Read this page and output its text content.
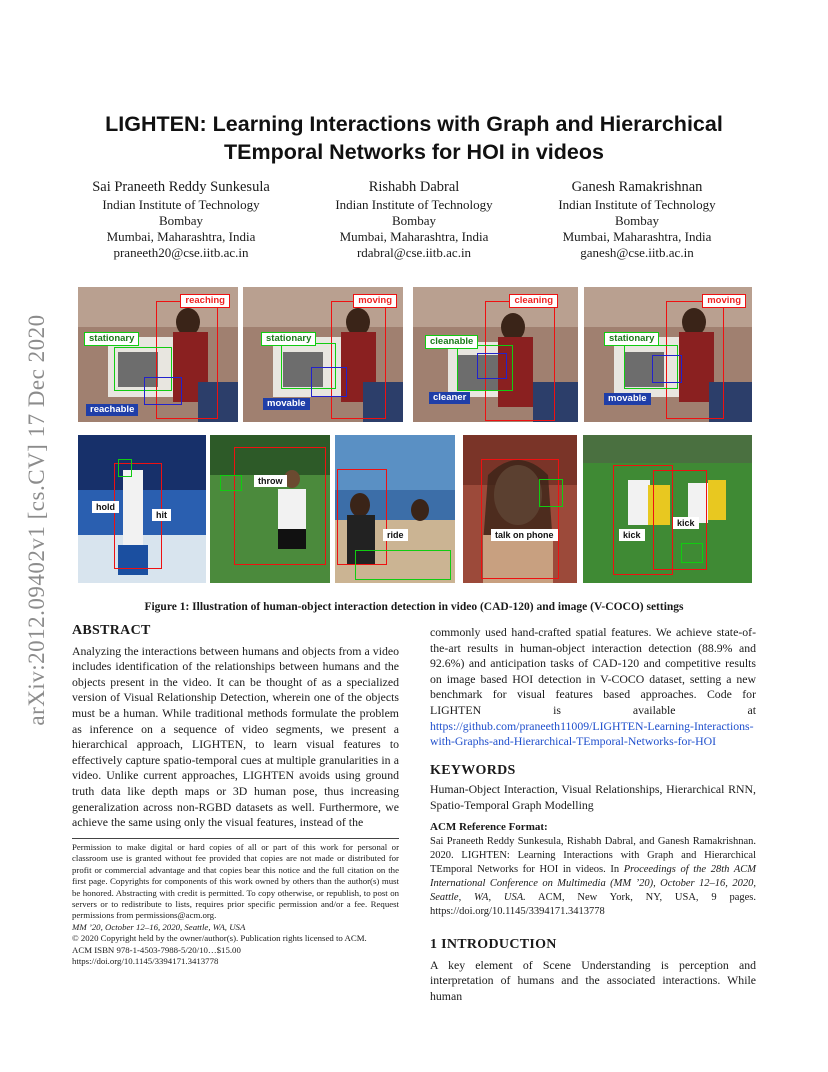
arXiv:2012.09402v1 [cs.CV] 17 Dec 2020
LIGHTEN: Learning Interactions with Graph and Hierarchical
TEmporal Networks for HOI in videos
Sai Praneeth Reddy Sunkesula
Indian Institute of Technology
Bombay
Mumbai, Maharashtra, India
praneeth20@cse.iitb.ac.in
Rishabh Dabral
Indian Institute of Technology
Bombay
Mumbai, Maharashtra, India
rdabral@cse.iitb.ac.in
Ganesh Ramakrishnan
Indian Institute of Technology
Bombay
Mumbai, Maharashtra, India
ganesh@cse.iitb.ac.in
reaching
stationary
reachable
moving
stationary
movable
cleaning
cleanable
cleaner
moving
stationary
movable
hold
hit
throw
ride	talk on phone
kick
kick
Figure 1: Illustration of human-object interaction detection in video (CAD-120) and image (V-COCO) settings
ABSTRACT
Analyzing the interactions between humans and objects from a video includes identification of the relationships between humans and the objects present in the video. It can be thought of as a specialized version of Visual Relationship Detection, wherein one of the objects must be a human. While traditional methods formulate the problem as inference on a sequence of video segments, we present a hierarchical approach, LIGHTEN, to learn visual features to effectively capture spatio-temporal cues at multiple granularities in a video. Unlike current approaches, LIGHTEN avoids using ground truth data like depth maps or 3D human pose, thus increasing generalization across non-RGBD datasets as well. Furthermore, we achieve the same using only the visual features, instead of the

Permission to make digital or hard copies of all or part of this work for personal or classroom use is granted without fee provided that copies are not made or distributed for profit or commercial advantage and that copies bear this notice and the full citation on the first page. Copyrights for components of this work owned by others than the author(s) must be honored. Abstracting with credit is permitted. To copy otherwise, or republish, to post on servers or to redistribute to lists, requires prior specific permission and/or a fee. Request permissions from permissions@acm.org.

MM ’20, October 12–16, 2020, Seattle, WA, USA

© 2020 Copyright held by the owner/author(s). Publication rights licensed to ACM.

ACM ISBN 978-1-4503-7988-5/20/10…$15.00

https://doi.org/10.1145/3394171.3413778

commonly used hand-crafted spatial features. We achieve state-of-the-art results in human-object interaction detection (88.9% and 92.6%) and anticipation tasks of CAD-120 and competitive results on image based HOI detection in V-COCO dataset, setting a new benchmark for visual features based approaches. Code for LIGHTEN is available at https://github.com/praneeth11009/LIGHTEN-Learning-Interactions-with-Graphs-and-Hierarchical-TEmporal-Networks-for-HOI
KEYWORDS
Human-Object Interaction, Visual Relationships, Hierarchical RNN, Spatio-Temporal Graph Modelling
ACM Reference Format:
Sai Praneeth Reddy Sunkesula, Rishabh Dabral, and Ganesh Ramakrishnan. 2020. LIGHTEN: Learning Interactions with Graph and Hierarchical TEmporal Networks for HOI in videos. In Proceedings of the 28th ACM International Conference on Multimedia (MM ’20), October 12–16, 2020, Seattle, WA, USA. ACM, New York, NY, USA, 9 pages. https://doi.org/10.1145/3394171.3413778
1 INTRODUCTION
A key element of Scene Understanding is perception and interpretation of humans and the associated interactions. While human
